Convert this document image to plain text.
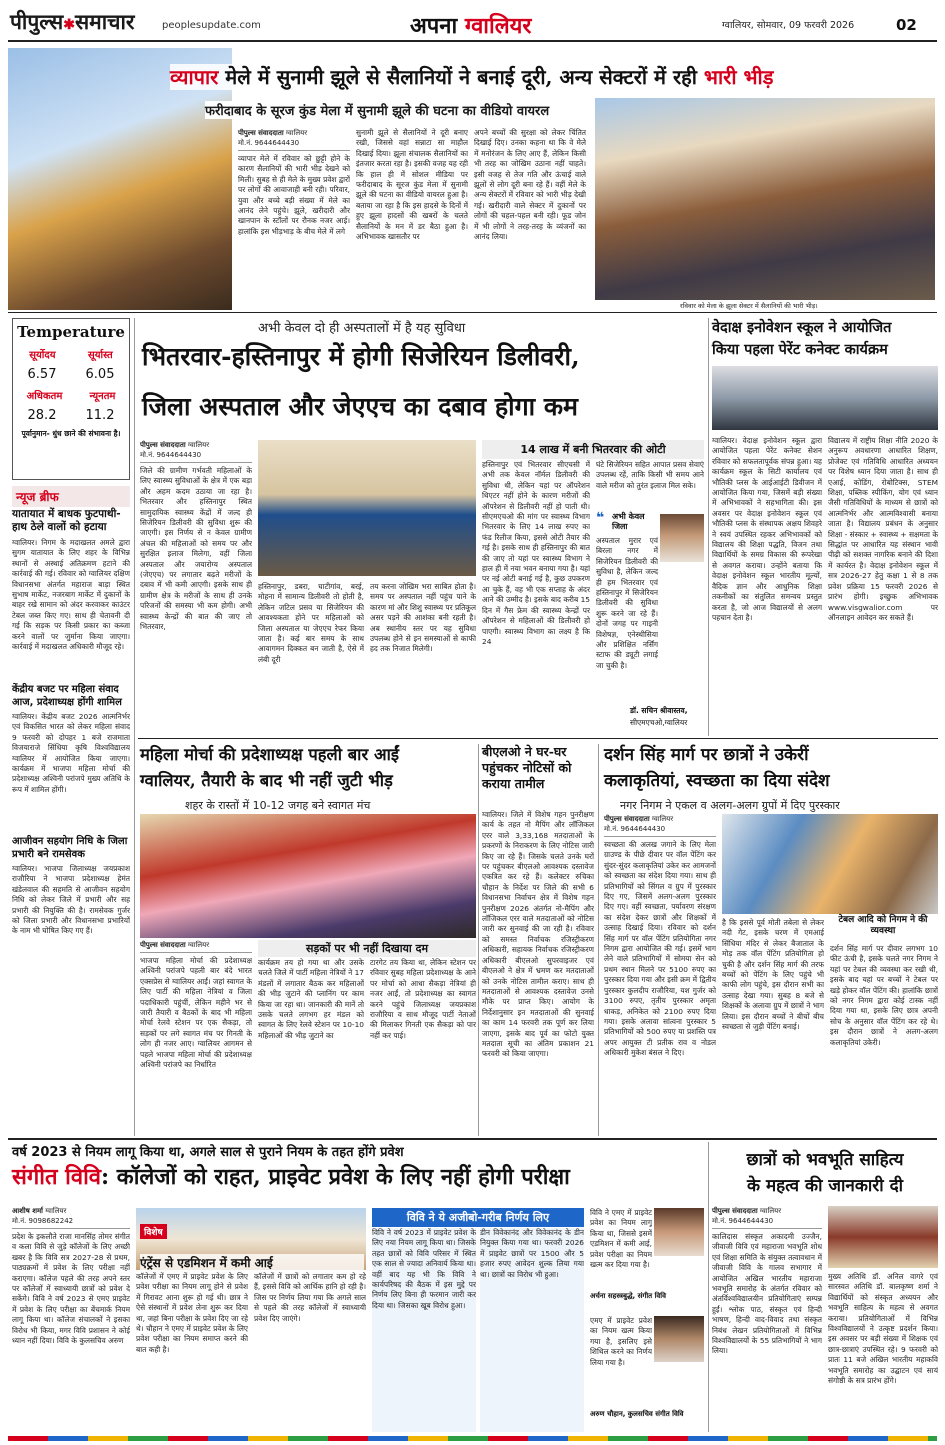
पीपुल्स✱समाचार	peoplesupdate.com	अपना ग्वालियर	ग्वालियर, सोमवार, 09 फरवरी 2026	02
व्यापार मेले में सुनामी झूले से सैलानियों ने बनाई दूरी, अन्य सेक्टरों में रही भारी भीड़
फरीदाबाद के सूरज कुंड मेला में सुनामी झूले की घटना का वीडियो वायरल
पीपुल्स संवाददाता ग्वालियर
मो.नं. 9644644430
व्यापार मेले में रविवार को छुट्टी होने के कारण सैलानियों की भारी भीड़ देखने को मिली। सुबह से ही मेले के मुख्य प्रवेश द्वारों पर लोगों की आवाजाही बनी रही। परिवार, युवा और बच्चे बड़ी संख्या में मेले का आनंद लेने पहुंचे। झूले, खरीदारी और खानपान के स्टॉलों पर रौनक नजर आई। हालांकि इस भीड़भाड़ के बीच मेले में लगे
सुनामी झूले से सैलानियों ने दूरी बनाए रखी, जिससे वहां सन्नाटा सा माहौल दिखाई दिया। झूला संचालक सैलानियों का इंतजार करता रहा है। इसकी वजह यह रही कि हाल ही में सोशल मीडिया पर फरीदाबाद के सूरज कुंड मेला में सुनामी झूले की घटना का वीडियो वायरल हुआ है। बताया जा रहा है कि इस हादसे के दिनों में हुए झूला हादसों की खबरों के चलते सैलानियों के मन में डर बैठा हुआ है। अभिभावक खासतौर पर
अपने बच्चों की सुरक्षा को लेकर चिंतित दिखाई दिए। उनका कहना था कि वे मेले में मनोरंजन के लिए आए हैं, लेकिन किसी भी तरह का जोखिम उठाना नहीं चाहते। इसी वजह से तेज गति और ऊंचाई वाले झूलों से लोग दूरी बना रहे हैं। वहीं मेले के अन्य सेक्टरों में रविवार को भारी भीड़ देखी गई। खरीदारी वाले सेक्टर में दुकानों पर लोगों की चहल-पहल बनी रही। फूड जोन में भी लोगों ने तरह-तरह के व्यंजनों का आनंद लिया।
रविवार को मेला के झूला सेक्टर में सैलानियों की भारी भीड़।
Temperature
सूर्योदय	सूर्यास्त
6.57 6.05
अधिकतम	न्यूनतम
28.2 11.2
पूर्वानुमान- धुंध छाने की संभावना है।
न्यूज ब्रीफ
यातायात में बाधक फुटपाथी-हाथ ठेले वालों को हटाया
ग्वालियर। निगम के मदाखलत अमले द्वारा सुगम यातायात के लिए शहर के विभिन्न स्थानों से अस्थाई अतिक्रमण हटाने की कार्रवाई की गई। रविवार को ग्वालियर दक्षिण विधानसभा अंतर्गत महाराज बाड़ा स्थित सुभाष मार्केट, नजरबाग मार्केट में दुकानों के बाहर रखे सामान को अंदर करवाकर काउंटर टेबल जब्त किए गए। साथ ही चेतावनी दी गई कि सड़क पर किसी प्रकार का कब्जा करने वालों पर जुर्माना किया जाएगा। कार्रवाई में मदाखलत अधिकारी मौजूद रहे।
केंद्रीय बजट पर महिला संवाद आज, प्रदेशाध्यक्ष होंगी शामिल
ग्वालियर। केंद्रीय बजट 2026 आत्मनिर्भर एवं विकसित भारत को लेकर महिला संवाद 9 फरवरी को दोपहर 1 बजे राजमाता विजयाराजे सिंधिया कृषि विश्वविद्यालय ग्वालियर में आयोजित किया जाएगा। कार्यक्रम में भाजपा महिला मोर्चा की प्रदेशाध्यक्ष अश्विनी परांजपे मुख्य अतिथि के रूप में शामिल होंगी।
आजीवन सहयोग निधि के जिला प्रभारी बने रामसेवक
ग्वालियर। भाजपा जिलाध्यक्ष जयप्रकाश राजौरिया ने भाजपा प्रदेशाध्यक्ष हेमंत खंडेलवाल की सहमति से आजीवन सहयोग निधि को लेकर जिले में प्रभारी और सह प्रभारी की नियुक्ति की है। रामसेवक गुर्जर को जिला प्रभारी और विधानसभा प्रभारियों के नाम भी घोषित किए गए हैं।
अभी केवल दो ही अस्पतालों में है यह सुविधा
भितरवार-हस्तिनापुर में होगी सिजेरियन डिलीवरी,
जिला अस्पताल और जेएएच का दबाव होगा कम
पीपुल्स संवाददाता ग्वालियर
मो.नं. 9644644430
जिले की ग्रामीण गर्भवती महिलाओं के लिए स्वास्थ्य सुविधाओं के क्षेत्र में एक बड़ा और अहम कदम उठाया जा रहा है। भितरवार और हस्तिनापुर स्थित सामुदायिक स्वास्थ्य केंद्रों में जल्द ही सिजेरियन डिलीवरी की सुविधा शुरू की जाएगी। इस निर्णय से न केवल ग्रामीण अंचल की महिलाओं को समय पर और सुरक्षित इलाज मिलेगा, वहीं जिला अस्पताल और जयारोग्य अस्पताल (जेएएच) पर लगातार बढ़ते मरीजों के दबाव में भी कमी आएगी। इसके साथ ही ग्रामीण क्षेत्र के मरीजों के साथ ही उनके परिजनों की समस्या भी कम होगी। अभी स्वास्थ्य केन्द्रों की बात की जाए तो भितरवार,
हस्तिनापुर, डबरा, घाटीगांव, बरई, मोहना में सामान्य डिलीवरी तो होती है, लेकिन जटिल प्रसव या सिजेरियन की आवश्यकता होने पर महिलाओं को जिला अस्पताल या जेएएच रेफर किया जाता है। कई बार समय के साथ आवागमन दिक्कत बन जाती है, ऐसे में लंबी दूरी
तय करना जोखिम भरा साबित होता है। समय पर अस्पताल नहीं पहुंच पाने के कारण मां और शिशु स्वास्थ्य पर प्रतिकूल असर पड़ने की आशंका बनी रहती है। अब स्थानीय स्तर पर यह सुविधा उपलब्ध होने से इन समस्याओं से काफी हद तक निजात मिलेगी।
14 लाख में बनी भितरवार की ओटी
हस्तिनापुर एवं भितरवार सीएचसी में अभी तक केवल नॉर्मल डिलीवरी की सुविधा थी, लेकिन यहां पर ऑपरेशन थिएटर नहीं होने के कारण मरीजों की ऑपरेशन से डिलीवरी नहीं हो पाती थी। सीएमएचओ की मांग पर स्वास्थ्य विभाग भितरवार के लिए 14 लाख रुपए का फंड रिलीज किया, इससे ओटी तैयार की गई है। इसके साथ ही हस्तिनापुर की बात की जाए तो यहां पर स्वास्थ्य विभाग ने हाल ही में नया भवन बनाया गया है। यहां पर नई ओटी बनाई गई है, कुछ उपकरण आ चुके हैं, वह भी एक सप्ताह के अंदर आने की उम्मीद है। इसके बाद करीब 15 दिन में गैस फ्रेम की स्वास्थ्य केन्द्रों पर ऑपरेशन से महिलाओं की डिलीवरी हो पाएगी। स्वास्थ्य विभाग का लक्ष्य है कि 24
घंटे सिजेरियन सहित आपात प्रसव सेवाएं उपलब्ध रहें, ताकि किसी भी समय आने वाले मरीज को तुरंत इलाज मिल सके।
❝ अभी केवल जिला
अस्पताल मुरार एवं बिरला नगर में सिजेरियन डिलीवरी की सुविधा है, लेकिन जल्द ही हम भितरवार एवं हस्तिनापुर में सिजेरियन डिलीवरी की सुविधा शुरू करने जा रहे हैं। दोनों जगह पर गाइनी विशेषज्ञ, एनेस्थीसिया और प्रशिक्षित नर्सिंग स्टाफ की ड्यूटी लगाई जा चुकी है।
डॉ. सचिन श्रीवास्तव,
सीएमएचओ,ग्वालियर
वेदाक्ष इनोवेशन स्कूल ने आयोजित
किया पहला पेरेंट कनेक्ट कार्यक्रम
ग्वालियर। वेदाक्ष इनोवेशन स्कूल द्वारा आयोजित पहला पेरेंट कनेक्ट सेशन रविवार को सफलतापूर्वक संपन्न हुआ। यह कार्यक्रम स्कूल के सिटी कार्यालय एवं भौतिकी प्लस के आईआईटी डिवीजन में आयोजित किया गया, जिसमें बड़ी संख्या में अभिभावकों ने सहभागिता की। इस अवसर पर वेदाक्ष इनोवेशन स्कूल एवं भौतिकी प्लस के संस्थापक अक्षय शिवहरे ने स्वयं उपस्थित रहकर अभिभावकों को विद्यालय की शिक्षा पद्धति, विजन तथा विद्यार्थियों के समग्र विकास की रूपरेखा से अवगत कराया। उन्होंने बताया कि वेदाक्ष इनोवेशन स्कूल भारतीय मूल्यों, वैदिक ज्ञान और आधुनिक शिक्षा तकनीकों का संतुलित समन्वय प्रस्तुत करता है, जो आज विद्यालयों से अलग पहचान देता है।
विद्यालय में राष्ट्रीय शिक्षा नीति 2020 के अनुरूप अवधारणा आधारित शिक्षण, प्रोजेक्ट एवं गतिविधि आधारित अध्ययन पर विशेष ध्यान दिया जाता है। साथ ही एआई, कोडिंग, रोबोटिक्स, STEM शिक्षा, पब्लिक स्पीकिंग, योग एवं ध्यान जैसी गतिविधियों के माध्यम से छात्रों को आत्मनिर्भर और आत्मविश्वासी बनाया जाता है। विद्यालय प्रबंधन के अनुसार शिक्षा - संस्कार + स्वास्थ्य + सक्षमता के सिद्धांत पर आधारित यह संस्थान भावी पीढ़ी को सशक्त नागरिक बनाने की दिशा में कार्यरत है। वेदाक्ष इनोवेशन स्कूल में सत्र 2026-27 हेतु कक्षा 1 से 8 तक प्रवेश प्रक्रिया 15 फरवरी 2026 से प्रारंभ होगी। इच्छुक अभिभावक www.visgwalior.com पर ऑनलाइन आवेदन कर सकते हैं।
महिला मोर्चा की प्रदेशाध्यक्ष पहली बार आईं
ग्वालियर, तैयारी के बाद भी नहीं जुटी भीड़
शहर के रास्तों में 10-12 जगह बने स्वागत मंच
पीपुल्स संवाददाता ग्वालियर	सड़कों पर भी नहीं दिखाया दम
भाजपा महिला मोर्चा की प्रदेशाध्यक्ष अश्विनी परांजपे पहली बार बंदे भारत एक्सप्रेस से ग्वालियर आईं। जहां स्वागत के लिए पार्टी की महिला नेत्रियां व जिला पदाधिकारी पहुंचीं, लेकिन महीने भर से जारी तैयारी व बैठकों के बाद भी महिला मोर्चा रेलवे स्टेशन पर एक सैकड़ा, तो सड़कों पर लगे स्वागत मंच पर गिनती के लोग ही नजर आए। ग्वालियर आगमन से पहले भाजपा महिला मोर्चा की प्रदेशाध्यक्ष अश्विनी परांजपे का निर्धारित
कार्यक्रम तय हो गया था और उसके चलते जिले में पार्टी महिला नेत्रियों ने 17 मंडलों में लगातार बैठक कर महिलाओं की भीड़ जुटाने की प्लानिंग पर काम किया जा रहा था। जानकारी की मानें तो उसके चलते लगभग हर मंडल को स्वागत के लिए रेलवे स्टेशन पर 10-10 महिलाओं की भीड़ जुटाने का
टारगेट तय किया था, लेकिन स्टेशन पर रविवार सुबह महिला प्रदेशाध्यक्ष के आने पर मोर्चा को आधा सैकड़ा नेत्रियां ही नजर आईं, तो प्रदेशाध्यक्ष का स्वागत करने पहुंचे जिलाध्यक्ष जयप्रकाश राजौरिया व साथ मौजूद पार्टी नेताओं की मिलाकर गिनती एक सैकड़ा को पार नहीं कर पाई।
बीएलओ ने घर-घर पहुंचकर नोटिसों को कराया तामील
ग्वालियर। जिले में विशेष गहन पुनरीक्षण कार्य के तहत नो मैपिंग और लॉजिकल एरर वाले 3,33,168 मतदाताओं के प्रकरणों के निराकरण के लिए नोटिस जारी किए जा रहे हैं। जिसके चलते उनके घरों पर पहुंचकर बीएलओ आवश्यक दस्तावेज एकत्रित कर रहे हैं। कलेक्टर रुचिका चौहान के निर्देश पर जिले की सभी 6 विधानसभा निर्वाचन क्षेत्र में विशेष गहन पुनरीक्षण 2026 अंतर्गत नो-मैपिंग और लॉजिकल एरर वाले मतदाताओं को नोटिस जारी कर सुनवाई की जा रही है। रविवार को समस्त निर्वाचक रजिस्ट्रीकरण अधिकारी, सहायक निर्वाचक रजिस्ट्रीकरण अधिकारी बीएलओ सुपरवाइजर एवं बीएलओ ने क्षेत्र में भ्रमण कर मतदाताओं को उनके नोटिस तामील कराए। साथ ही मतदाताओं से आवश्यक दस्तावेज उनसे मौके पर प्राप्त किए। आयोग के निर्देशानुसार इन मतदाताओं की सुनवाई का काम 14 फरवरी तक पूर्ण कर लिया जाएगा, इसके बाद पूर्व का फोटो युक्त मतदाता सूची का अंतिम प्रकाशन 21 फरवरी को किया जाएगा।
दर्शन सिंह मार्ग पर छात्रों ने उकेरीं
कलाकृतियां, स्वच्छता का दिया संदेश
नगर निगम ने एकल व अलग-अलग ग्रुपों में दिए पुरस्कार
पीपुल्स संवाददाता ग्वालियर
मो.नं. 9644644430
स्वच्छता की अलख जगाने के लिए मेला ग्राउण्ड के पीछे दीवार पर वॉल पेंटिंग कर सुंदर-सुंदर कलाकृतियां उकेर कर आमजनों को स्वच्छता का संदेश दिया गया। साथ ही प्रतिभागियों को सिंगल व ग्रुप में पुरस्कार दिए गए, जिसमें अलग-अलग पुरस्कार दिए गए। वहीं स्वच्छता, पर्यावरण संरक्षण का संदेश देकर छात्रों और शिक्षकों में उत्साह दिखाई दिया। रविवार को दर्शन सिंह मार्ग पर वॉल पेंटिंग प्रतियोगिता नगर निगम द्वारा आयोजित की गई। इसमें भाग लेने वाले प्रतिभागियों में सोमया सेन को प्रथम स्थान मिलने पर 5100 रुपए का पुरस्कार दिया गया और इसी क्रम में द्वितीय पुरस्कार कुलदीप राजौरिया, यश गुर्जर को 3100 रुपए, तृतीय पुरस्कार अमृता धाकड़, अनिकेत को 2100 रुपए दिया गया। इसके अलावा सांत्वना पुरस्कार 5 प्रतिभागियों को 500 रुपए या प्रशस्ति पत्र अपर आयुक्त टी प्रतीक राव व नोडल अधिकारी मुकेश बंसल ने दिए।
टेबल आदि को निगम ने की व्यवस्था
है कि इससे पूर्व मोती तबेला से लेकर नदी गेट, इसके चरण में एमआई सिंधिया मंदिर से लेकर बैजाताल के मोड़ तक वॉल पेंटिंग प्रतियोगिता हो चुकी है और दर्शन सिंह मार्ग की तरफ बच्चों को पेंटिंग के लिए पहुंचे भी काफी लोग पहुंचे, इस दौरान सभी का उत्साह देखा गया। सुबह 8 बजे से शिक्षकों के अलावा ग्रुप में छात्रों ने भाग लिया। इस दौरान बच्चों ने बीचों बीच स्वच्छता से जुड़ी पेंटिंग बनाई।
दर्शन सिंह मार्ग पर दीवार लगभग 10 फीट ऊंची है, इसके चलते नगर निगम ने यहां पर टेबल की व्यवस्था कर रखी थी, इसके बाद यहां पर बच्चों ने टेबल पर खड़े होकर वॉल पेंटिंग की। हालांकि छात्रों को नगर निगम द्वारा कोई टास्क नहीं दिया गया था, इसके लिए छात्र अपनी सोच के अनुसार वॉल पेंटिंग कर रहे थे। इस दौरान छात्रों ने अलग-अलग कलाकृतियां उकेरी।
वर्ष 2023 से नियम लागू किया था, अगले साल से पुराने नियम के तहत होंगे प्रवेश
संगीत विवि: कॉलेजों को राहत, प्राइवेट प्रवेश के लिए नहीं होगी परीक्षा
आशीष शर्मा ग्वालियर
मो.नं. 9098682242
प्रदेश के इकलौते राजा मानसिंह तोमर संगीत व कला विवि से जुड़े कॉलेजों के लिए अच्छी खबर है कि विवि सत्र 2027-28 से प्रथम, पाठ्यक्रमों में प्रवेश के लिए परीक्षा नहीं कराएगा। कॉलेज पहले की तरह अपने स्तर पर कॉलेजों में स्वाध्यायी छात्रों को प्रवेश दे सकेंगे। विवि ने वर्ष 2023 से एमए प्राइवेट में प्रवेश के लिए परीक्षा का बेंचमार्क नियम लागू किया था। कॉलेज संचालकों ने इसका विरोध भी किया, मगर विवि प्रशासन ने कोई ध्यान नहीं दिया। विवि के कुलसचिव अरुण
विशेष
एंट्रेंस से एडमिशन में कमी आई
कॉलेजों में एमए में प्राइवेट प्रवेश के लिए प्रवेश परीक्षा का नियम लागू होने से प्रवेश में गिरावट आना शुरू हो गई थी। छात्र ने ऐसे संस्थानों में प्रवेश लेना शुरू कर दिया था, जहां बिना परीक्षा के प्रवेश दिए जा रहे थे। चौहान ने एमए में प्राइवेट प्रवेश के लिए प्रवेश परीक्षा का नियम समाप्त करने की बात कही है।
कॉलेजों में छात्रों को लगातार कम हो रहे हैं, इससे विवि को आर्थिक हानि हो रही है। जिस पर निर्णय लिया गया कि अगले साल से पहले की तरह कॉलेजों में स्वाध्यायी प्रवेश दिए जाएंगे।
विवि ने ये अजीबो-गरीब निर्णय लिए
विवि ने वर्ष 2023 में प्राइवेट प्रवेश के लिए नया नियम लागू किया था। जिसके तहत छात्रों को विवि परिसर में स्थित एक साल से ज्यादा अनिवार्य किया था। वहीं बाद यह भी कि विवि ने कार्यपरिषद की बैठक में इस मुद्दे पर निर्णय लिए बिना ही फरमान जारी कर दिया था। जिसका खूब विरोध हुआ।
डीन विवेकानंद और विवेकानंद के डीन नियुक्त किया गया था। फरवरी 2026 में प्राइवेट छात्रों पर 1500 और 5 हजार रुपए आवेदन शुल्क लिया गया था। छात्रों का विरोध भी हुआ।
विवि ने एमए में प्राइवेट प्रवेश का नियम लागू किया था, जिससे इसमें एडमिशन में कमी आई, प्रवेश परीक्षा का नियम खत्म कर दिया गया है।
अर्चना सहस्त्रबुद्धे, संगीत विवि
एमए में प्राइवेट प्रवेश का नियम खत्म किया गया है, इसलिए इसे शिथिल करने का निर्णय लिया गया है।
अरुण चौहान, कुलसचिव संगीत विवि
छात्रों को भवभूति साहित्य
के महत्व की जानकारी दी
पीपुल्स संवाददाता ग्वालियर
मो.नं. 9644644430
कालिदास संस्कृत अकादमी उज्जैन, जीवाजी विवि एवं महाराजा भवभूति शोध एवं शिक्षा समिति के संयुक्त तत्वावधान में जीवाजी विवि के गालव सभागार में आयोजित अखिल भारतीय महाराजा भवभूति समारोह के अंतर्गत रविवार को अंतर्विश्वविद्यालयीन प्रतियोगिताएं सम्पन्न हुईं। श्लोक पाठ, संस्कृत एवं हिन्दी भाषण, हिन्दी वाद-विवाद तथा संस्कृत निबंध लेखन प्रतियोगिताओं में विभिन्न विश्वविद्यालयों के 55 प्रतिभागियों ने भाग लिया।
मुख्य अतिथि डॉ. अनिल वागरे एवं सारस्वत अतिथि डॉ. बालकृष्ण शर्मा ने विद्यार्थियों को संस्कृत अध्ययन और भवभूति साहित्य के महत्व से अवगत कराया। प्रतियोगिताओं में विभिन्न विश्वविद्यालयों ने उत्कृष्ट प्रदर्शन किया। इस अवसर पर बड़ी संख्या में शिक्षक एवं छात्र-छात्राएं उपस्थित रहे। 9 फरवरी को प्रातः 11 बजे अखिल भारतीय महाकवि भवभूति समारोह का उद्घाटन एवं सायं संगोष्ठी के सत्र प्रारंभ होंगे।
